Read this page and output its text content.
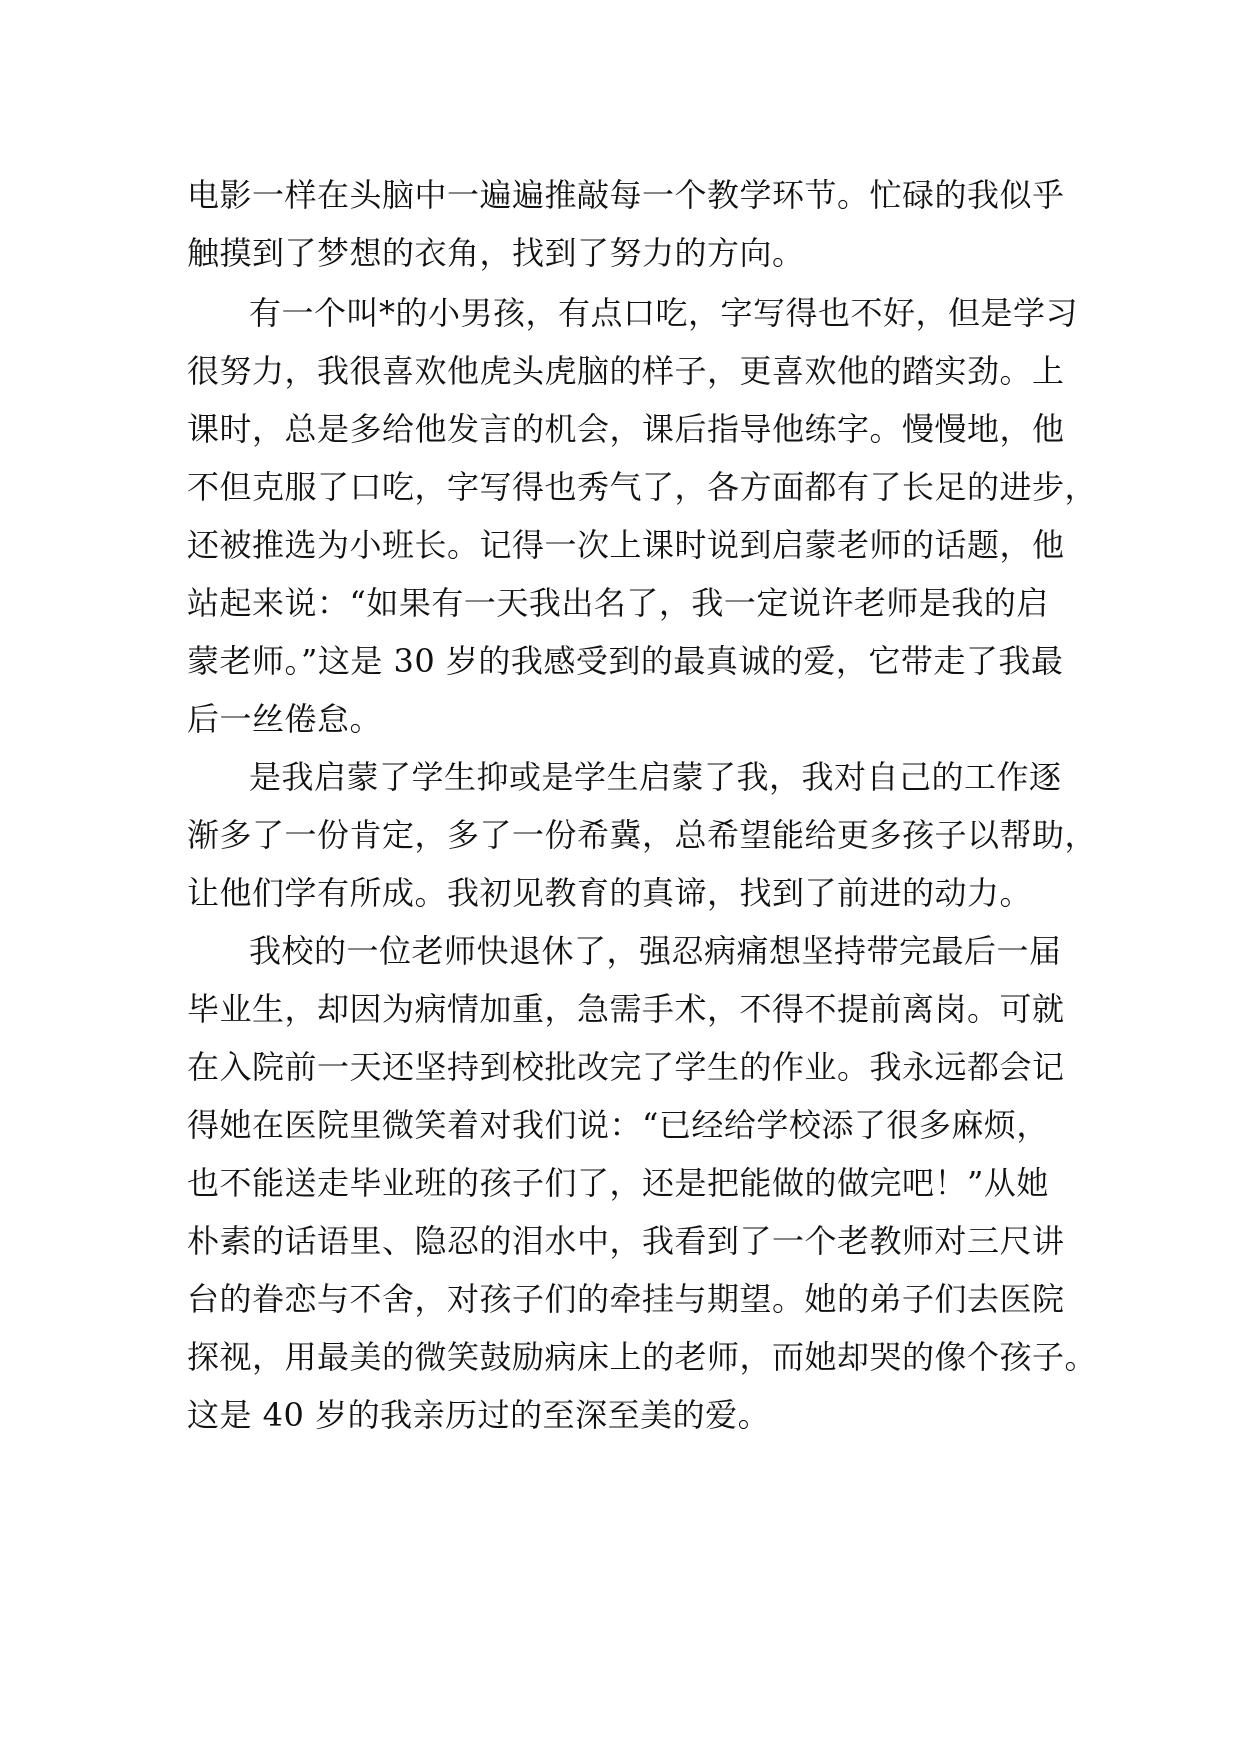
电影一样在头脑中一遍遍推敲每一个教学环节。忙碌的我似乎
触摸到了梦想的衣角，找到了努力的方向。
有一个叫*的小男孩，有点口吃，字写得也不好，但是学习
很努力，我很喜欢他虎头虎脑的样子，更喜欢他的踏实劲。上
课时，总是多给他发言的机会，课后指导他练字。慢慢地，他
不但克服了口吃，字写得也秀气了，各方面都有了长足的进步，
还被推选为小班长。记得一次上课时说到启蒙老师的话题，他
站起来说：“如果有一天我出名了，我一定说许老师是我的启
蒙老师。”这是 30 岁的我感受到的最真诚的爱，它带走了我最
后一丝倦怠。
是我启蒙了学生抑或是学生启蒙了我，我对自己的工作逐
渐多了一份肯定，多了一份希冀，总希望能给更多孩子以帮助，
让他们学有所成。我初见教育的真谛，找到了前进的动力。
我校的一位老师快退休了，强忍病痛想坚持带完最后一届
毕业生，却因为病情加重，急需手术，不得不提前离岗。可就
在入院前一天还坚持到校批改完了学生的作业。我永远都会记
得她在医院里微笑着对我们说：“已经给学校添了很多麻烦，
也不能送走毕业班的孩子们了，还是把能做的做完吧！”从她
朴素的话语里、隐忍的泪水中，我看到了一个老教师对三尺讲
台的眷恋与不舍，对孩子们的牵挂与期望。她的弟子们去医院
探视，用最美的微笑鼓励病床上的老师，而她却哭的像个孩子。
这是 40 岁的我亲历过的至深至美的爱。
